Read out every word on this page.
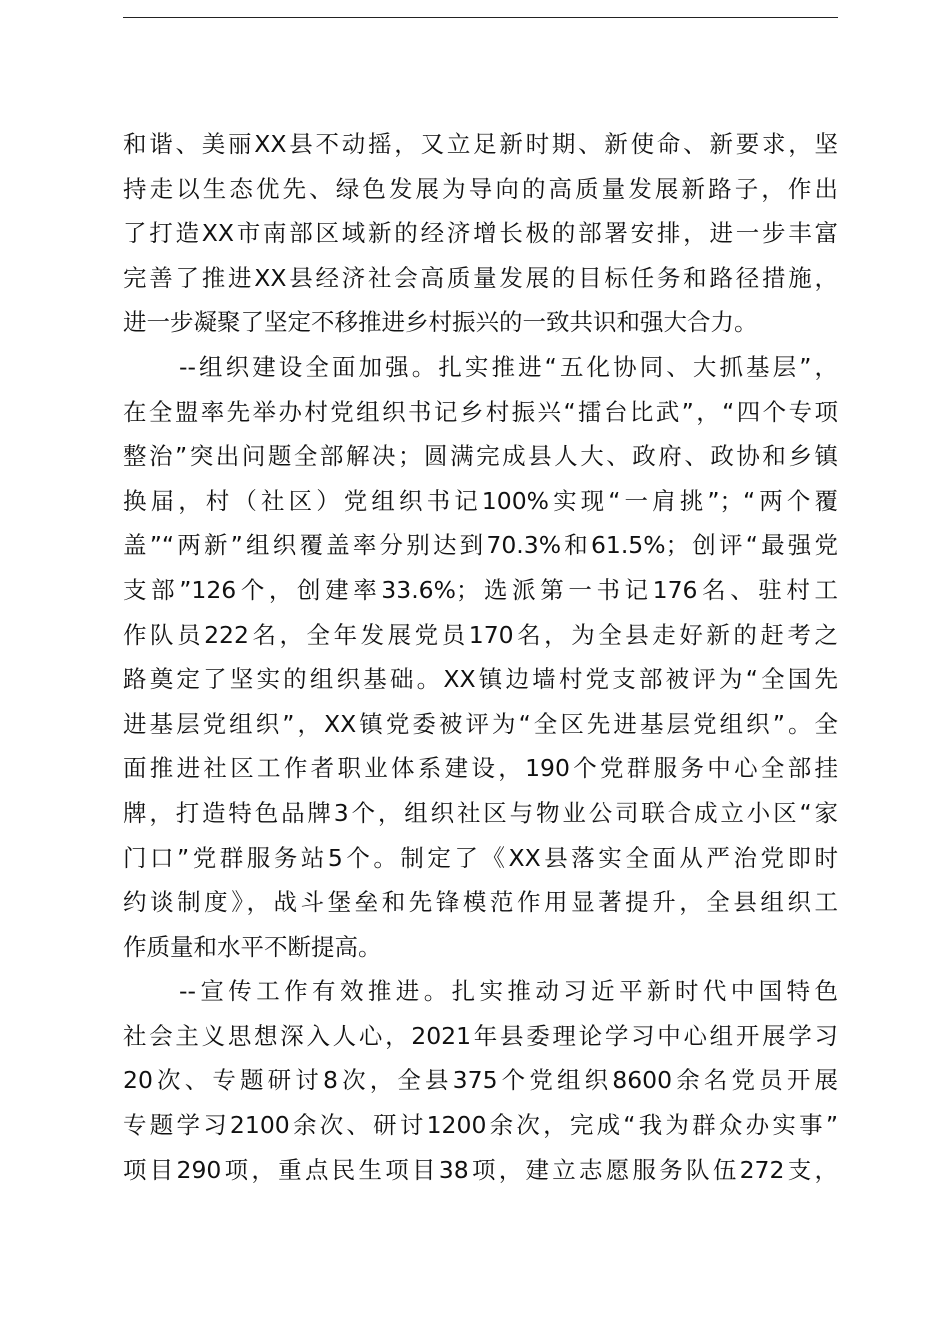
和谐、美丽XX县不动摇，又立足新时期、新使命、新要求，坚
持走以生态优先、绿色发展为导向的高质量发展新路子，作出
了打造XX市南部区域新的经济增长极的部署安排，进一步丰富
完善了推进XX县经济社会高质量发展的目标任务和路径措施，
进一步凝聚了坚定不移推进乡村振兴的一致共识和强大合力。
--组织建设全面加强。扎实推进“五化协同、大抓基层”，
在全盟率先举办村党组织书记乡村振兴“擂台比武”，“四个专项
整治”突出问题全部解决；圆满完成县人大、政府、政协和乡镇
换届，村（社区）党组织书记100%实现“一肩挑”；“两个覆
盖”“两新”组织覆盖率分别达到70.3%和61.5%；创评“最强党
支部”126个，创建率33.6%；选派第一书记176名、驻村工
作队员222名，全年发展党员170名，为全县走好新的赶考之
路奠定了坚实的组织基础。XX镇边墙村党支部被评为“全国先
进基层党组织”，XX镇党委被评为“全区先进基层党组织”。全
面推进社区工作者职业体系建设，190个党群服务中心全部挂
牌，打造特色品牌3个，组织社区与物业公司联合成立小区“家
门口”党群服务站5个。制定了《XX县落实全面从严治党即时
约谈制度》，战斗堡垒和先锋模范作用显著提升，全县组织工
作质量和水平不断提高。
--宣传工作有效推进。扎实推动习近平新时代中国特色
社会主义思想深入人心，2021年县委理论学习中心组开展学习
20次、专题研讨8次，全县375个党组织8600余名党员开展
专题学习2100余次、研讨1200余次，完成“我为群众办实事”
项目290项，重点民生项目38项，建立志愿服务队伍272支，
